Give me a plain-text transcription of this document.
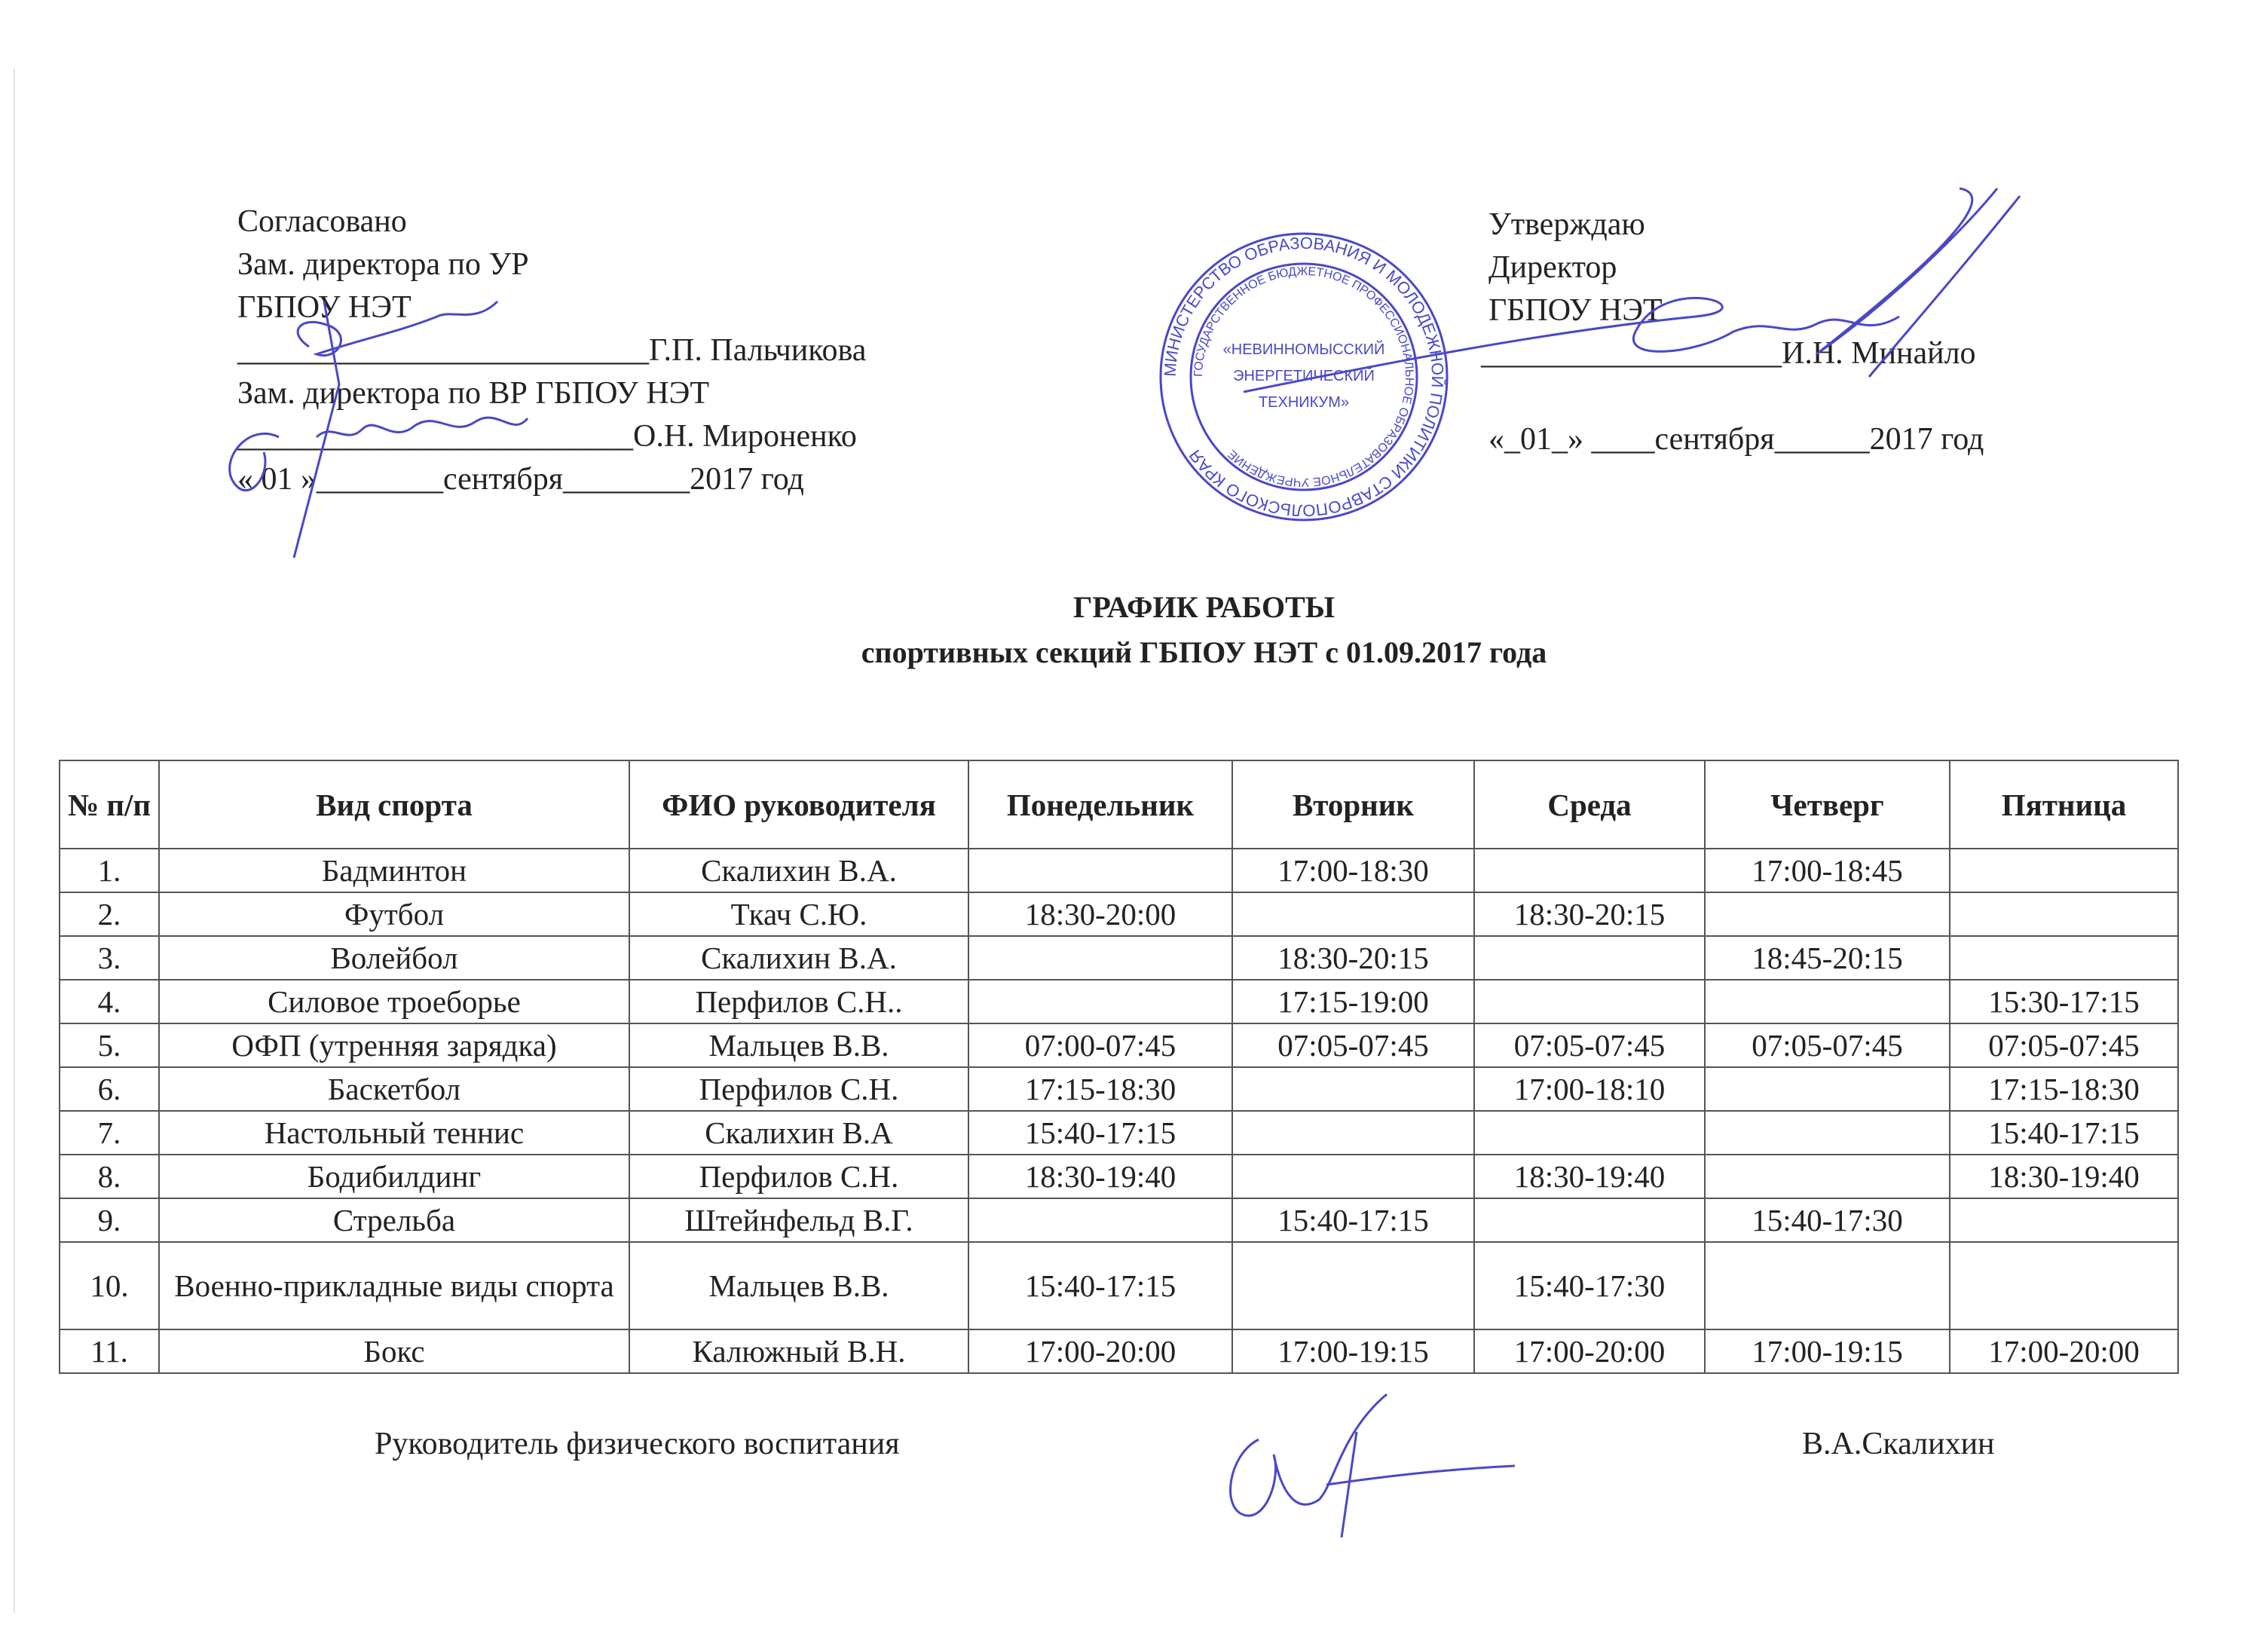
Согласовано
Зам. директора по УР
ГБПОУ НЭТ
__________________________Г.П. Пальчикова
Зам. директора по ВР ГБПОУ НЭТ
_________________________О.Н. Мироненко
« 01 »________сентября________2017 год
Утверждаю
Директор
ГБПОУ НЭТ
___________________И.Н. Минайло
«_01_» ____сентября______2017 год
МИНИСТЕРСТВО ОБРАЗОВАНИЯ И МОЛОДЕЖНОЙ ПОЛИТИКИ СТАВРОПОЛЬСКОГО КРАЯ
ГОСУДАРСТВЕННОЕ БЮДЖЕТНОЕ ПРОФЕССИОНАЛЬНОЕ ОБРАЗОВАТЕЛЬНОЕ УЧРЕЖДЕНИЕ
«НЕВИННОМЫССКИЙ
ЭНЕРГЕТИЧЕСКИЙ
ТЕХНИКУМ»
ГРАФИК РАБОТЫ
спортивных секций ГБПОУ НЭТ с 01.09.2017 года
№ п/п	Вид спорта	ФИО руководителя	Понедельник	Вторник	Среда	Четверг	Пятница
1.	Бадминтон	Скалихин В.А.		17:00-18:30		17:00-18:45	
2.	Футбол	Ткач С.Ю.	18:30-20:00		18:30-20:15		
3.	Волейбол	Скалихин В.А.		18:30-20:15		18:45-20:15	
4.	Силовое троеборье	Перфилов С.Н..		17:15-19:00			15:30-17:15
5.	ОФП (утренняя зарядка)	Мальцев В.В.	07:00-07:45	07:05-07:45	07:05-07:45	07:05-07:45	07:05-07:45
6.	Баскетбол	Перфилов С.Н.	17:15-18:30		17:00-18:10		17:15-18:30
7.	Настольный теннис	Скалихин В.А	15:40-17:15				15:40-17:15
8.	Бодибилдинг	Перфилов С.Н.	18:30-19:40		18:30-19:40		18:30-19:40
9.	Стрельба	Штейнфельд В.Г.		15:40-17:15		15:40-17:30	
10.	Военно-прикладные виды спорта	Мальцев В.В.	15:40-17:15		15:40-17:30		
11.	Бокс	Калюжный В.Н.	17:00-20:00	17:00-19:15	17:00-20:00	17:00-19:15	17:00-20:00
Руководитель физического воспитания	В.А.Скалихин
